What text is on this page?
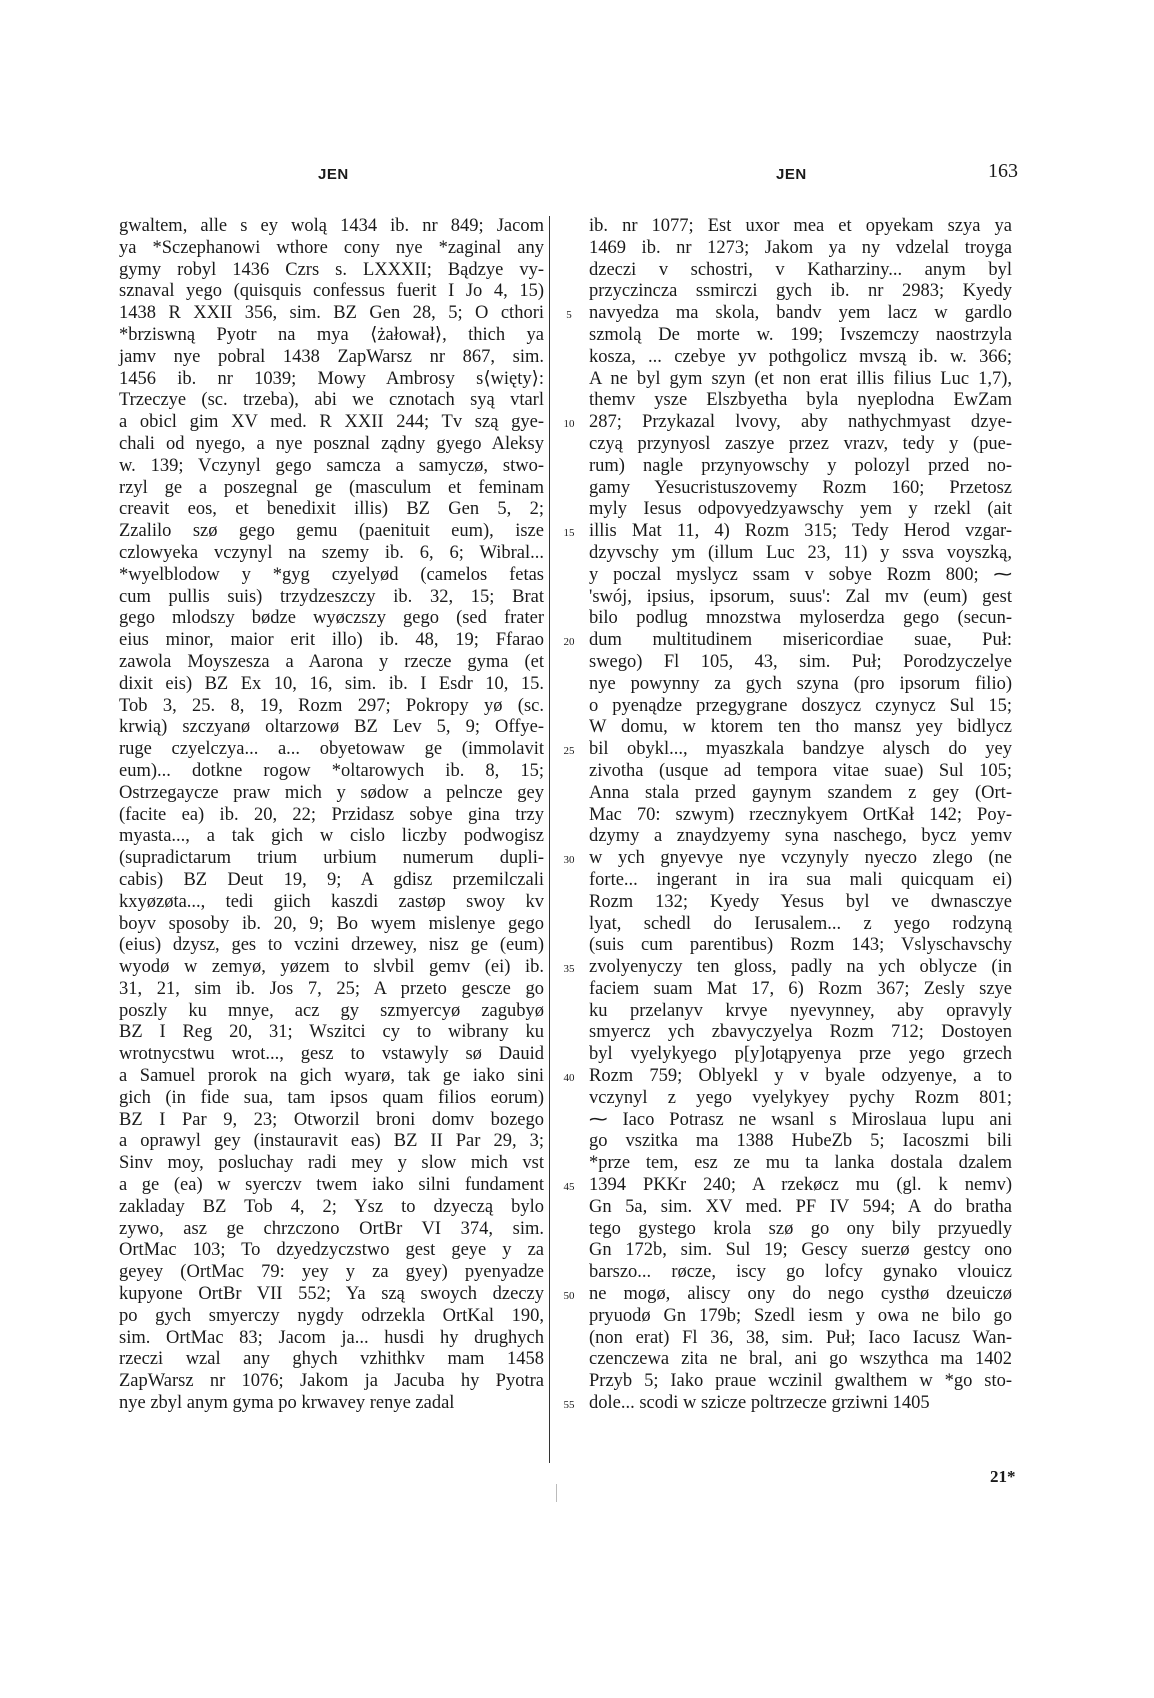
JEN	JEN	163
gwaltem, alle s ey wolą 1434 ib. nr 849; Jacom
ya *Sczephanowi wthore cony nye *zaginal any
gymy robyl 1436 Czrs s. LXXXII; Bądzye vy-
sznaval yego (quisquis confessus fuerit I Jo 4, 15)
1438 R XXII 356, sim. BZ Gen 28, 5; O cthori
*brziswną Pyotr na mya ⟨żałował⟩, thich ya
jamv nye pobral 1438 ZapWarsz nr 867, sim.
1456 ib. nr 1039; Mowy Ambrosy s⟨więty⟩:
Trzeczye (sc. trzeba), abi we cznotach syą vtarl
a obicl gim XV med. R XXII 244; Tv szą gye-
chali od nyego, a nye posznal ządny gyego Aleksy
w. 139; Vczynyl gego samcza a samyczø, stwo-
rzyl ge a poszegnal ge (masculum et feminam
creavit eos, et benedixit illis) BZ Gen 5, 2;
Zzalilo szø gego gemu (paenituit eum), isze
czlowyeka vczynyl na szemy ib. 6, 6; Wibral...
*wyelblodow y *gyg czyelyød (camelos fetas
cum pullis suis) trzydzeszczy ib. 32, 15; Brat
gego mlodszy bødze wyøczszy gego (sed frater
eius minor, maior erit illo) ib. 48, 19; Ffarao
zawola Moyszesza a Aarona y rzecze gyma (et
dixit eis) BZ Ex 10, 16, sim. ib. I Esdr 10, 15.
Tob 3, 25. 8, 19, Rozm 297; Pokropy yø (sc.
krwią) szczyanø oltarzowø BZ Lev 5, 9; Offye-
ruge czyelczya... a... obyetowaw ge (immolavit
eum)... dotkne rogow *oltarowych ib. 8, 15;
Ostrzegaycze praw mich y sødow a pelncze gey
(facite ea) ib. 20, 22; Przidasz sobye gina trzy
myasta..., a tak gich w cislo liczby podwogisz
(supradictarum trium urbium numerum dupli-
cabis) BZ Deut 19, 9; A gdisz przemilczali
kxyøzøta..., tedi giich kaszdi zastøp swoy kv
boyv sposoby ib. 20, 9; Bo wyem mislenye gego
(eius) dzysz, ges to vczini drzewey, nisz ge (eum)
wyodø w zemyø, yøzem to slvbil gemv (ei) ib.
31, 21, sim ib. Jos 7, 25; A przeto gescze go
poszly ku mnye, acz gy szmyercyø zagubyø
BZ I Reg 20, 31; Wszitci cy to wibrany ku
wrotnycstwu wrot..., gesz to vstawyly sø Dauid
a Samuel prorok na gich wyarø, tak ge iako sini
gich (in fide sua, tam ipsos quam filios eorum)
BZ I Par 9, 23; Otworzil broni domv bozego
a oprawyl gey (instauravit eas) BZ II Par 29, 3;
Sinv moy, posluchay radi mey y slow mich vst
a ge (ea) w syerczv twem iako silni fundament
zakladay BZ Tob 4, 2; Ysz to dzyeczą bylo
zywo, asz ge chrzczono OrtBr VI 374, sim.
OrtMac 103; To dzyedzyczstwo gest geye y za
geyey (OrtMac 79: yey y za gyey) pyenyadze
kupyone OrtBr VII 552; Ya szą swoych dzeczy
po gych smyerczy nygdy odrzekla OrtKal 190,
sim. OrtMac 83; Jacom ja... husdi hy drughych
rzeczi wzal any ghych vzhithkv mam 1458
ZapWarsz nr 1076; Jakom ja Jacuba hy Pyotra
nye zbyl anym gyma po krwavey renye zadal
5
10
15
20
25
30
35
40
45
50
55
ib. nr 1077; Est uxor mea et opyekam szya ya
1469 ib. nr 1273; Jakom ya ny vdzelal troyga
dzeczi v schostri, v Katharziny... anym byl
przyczincza ssmirczi gych ib. nr 2983; Kyedy
navyedza ma skola, bandv yem lacz w gardlo
szmolą De morte w. 199; Ivszemczy naostrzyla
kosza, ... czebye yv pothgolicz mvszą ib. w. 366;
A ne byl gym szyn (et non erat illis filius Luc 1,7),
themv ysze Elszbyetha byla nyeplodna EwZam
287; Przykazal lvovy, aby nathychmyast dzye-
czyą przynyosl zaszye przez vrazv, tedy y (pue-
rum) nagle przynyowschy y polozyl przed no-
gamy Yesucristuszovemy Rozm 160; Przetosz
myly Iesus odpovyedzyawschy yem y rzekl (ait
illis Mat 11, 4) Rozm 315; Tedy Herod vzgar-
dzyvschy ym (illum Luc 23, 11) y ssva voyszką,
y poczal myslycz ssam v sobye Rozm 800; ⁓
'swój, ipsius, ipsorum, suus': Zal mv (eum) gest
bilo podlug mnozstwa myloserdza gego (secun-
dum multitudinem misericordiae suae, Puł:
swego) Fl 105, 43, sim. Puł; Porodzyczelye
nye powynny za gych szyna (pro ipsorum filio)
o pyenądze przegygrane doszycz czynycz Sul 15;
W domu, w ktorem ten tho mansz yey bidlycz
bil obykl..., myaszkala bandzye alysch do yey
zivotha (usque ad tempora vitae suae) Sul 105;
Anna stala przed gaynym szandem z gey (Ort-
Mac 70: szwym) rzecznykyem OrtKał 142; Poy-
dzymy a znaydzyemy syna naschego, bycz yemv
w ych gnyevye nye vczynyly nyeczo zlego (ne
forte... ingerant in ira sua mali quicquam ei)
Rozm 132; Kyedy Yesus byl ve dwnasczye
lyat, schedl do Ierusalem... z yego rodzyną
(suis cum parentibus) Rozm 143; Vslyschavschy
zvolyenyczy ten gloss, padly na ych oblycze (in
faciem suam Mat 17, 6) Rozm 367; Zesly szye
ku przelanyv krvye nyevynney, aby opravyly
smyercz ych zbavyczyelya Rozm 712; Dostoyen
byl vyelykyego p[y]otąpyenya prze yego grzech
Rozm 759; Oblyekl y v byale odzyenye, a to
vczynyl z yego vyelykyey pychy Rozm 801;
⁓ Iaco Potrasz ne wsanl s Miroslaua lupu ani
go vszitka ma 1388 HubeZb 5; Iacoszmi bili
*prze tem, esz ze mu ta lanka dostala dzalem
1394 PKKr 240; A rzekøcz mu (gl. k nemv)
Gn 5a, sim. XV med. PF IV 594; A do bratha
tego gystego krola szø go ony bily przyuedly
Gn 172b, sim. Sul 19; Gescy suerzø gestcy ono
barszo... røcze, iscy go lofcy gynako vlouicz
ne mogø, aliscy ony do nego cysthø dzeuiczø
pryuodø Gn 179b; Szedl iesm y owa ne bilo go
(non erat) Fl 36, 38, sim. Puł; Iaco Iacusz Wan-
czenczewa zita ne bral, ani go wszythca ma 1402
Przyb 5; Iako praue wczinil gwalthem w *go sto-
dole... scodi w szicze poltrzecze grziwni 1405
21*
